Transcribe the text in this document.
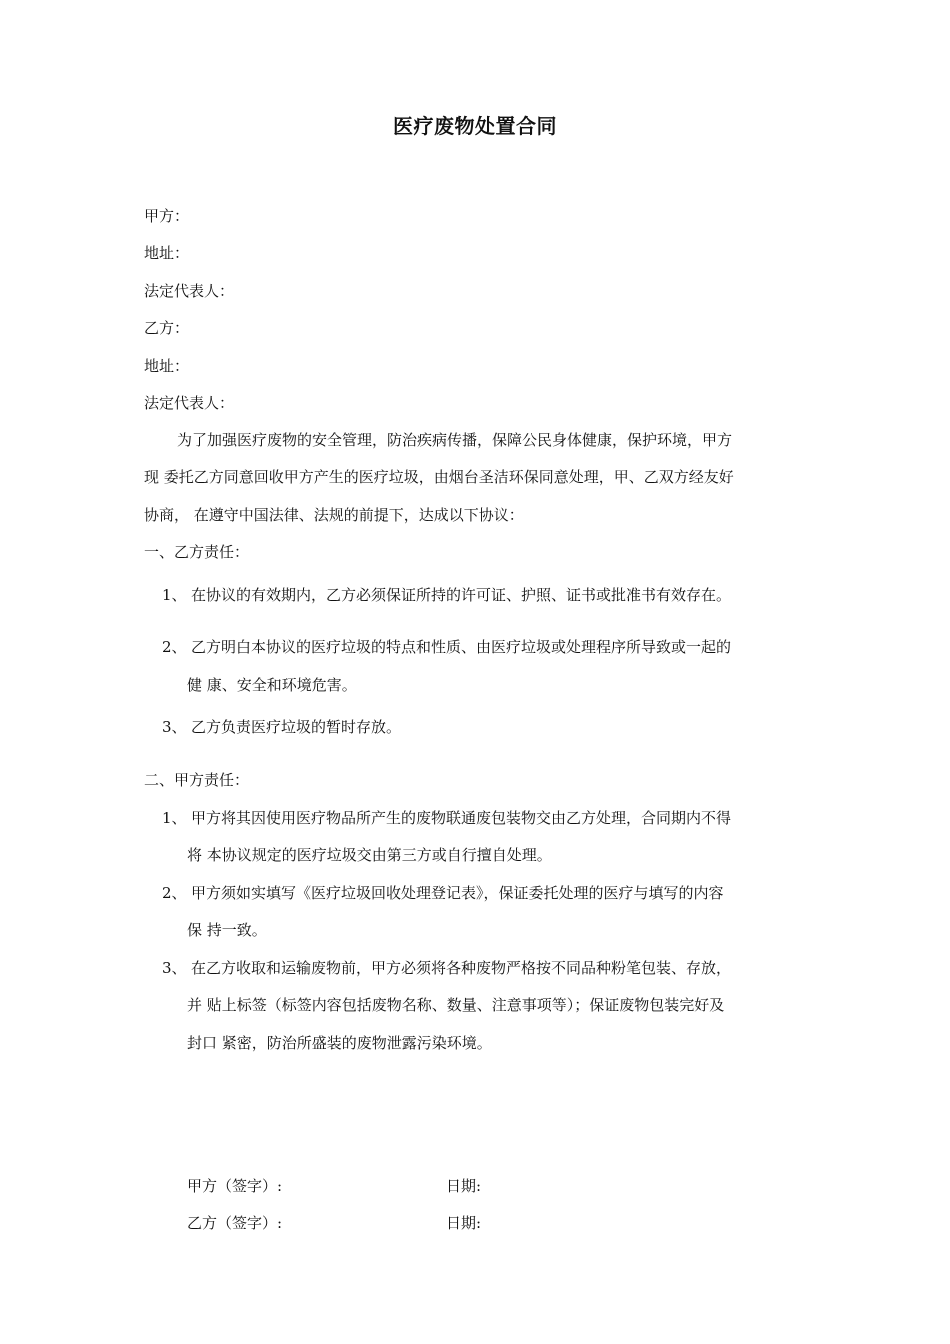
医疗废物处置合同
甲方：
地址：
法定代表人：
乙方：
地址：
法定代表人：
为了加强医疗废物的安全管理，防治疾病传播，保障公民身体健康，保护环境，甲方
现 委托乙方同意回收甲方产生的医疗垃圾，由烟台圣洁环保同意处理，甲、乙双方经友好
协商， 在遵守中国法律、法规的前提下，达成以下协议：
一、乙方责任：
1、 在协议的有效期内，乙方必须保证所持的许可证、护照、证书或批准书有效存在。
2、 乙方明白本协议的医疗垃圾的特点和性质、由医疗垃圾或处理程序所导致或一起的
健 康、安全和环境危害。
3、 乙方负责医疗垃圾的暂时存放。
二、甲方责任：
1、 甲方将其因使用医疗物品所产生的废物联通废包装物交由乙方处理，合同期内不得
将 本协议规定的医疗垃圾交由第三方或自行擅自处理。
2、 甲方须如实填写《医疗垃圾回收处理登记表》，保证委托处理的医疗与填写的内容
保 持一致。
3、 在乙方收取和运输废物前，甲方必须将各种废物严格按不同品种粉笔包装、存放，
并 贴上标签（标签内容包括废物名称、数量、注意事项等）；保证废物包装完好及
封口 紧密，防治所盛装的废物泄露污染环境。
甲方（签字）:	日期:
乙方（签字）:	日期:
